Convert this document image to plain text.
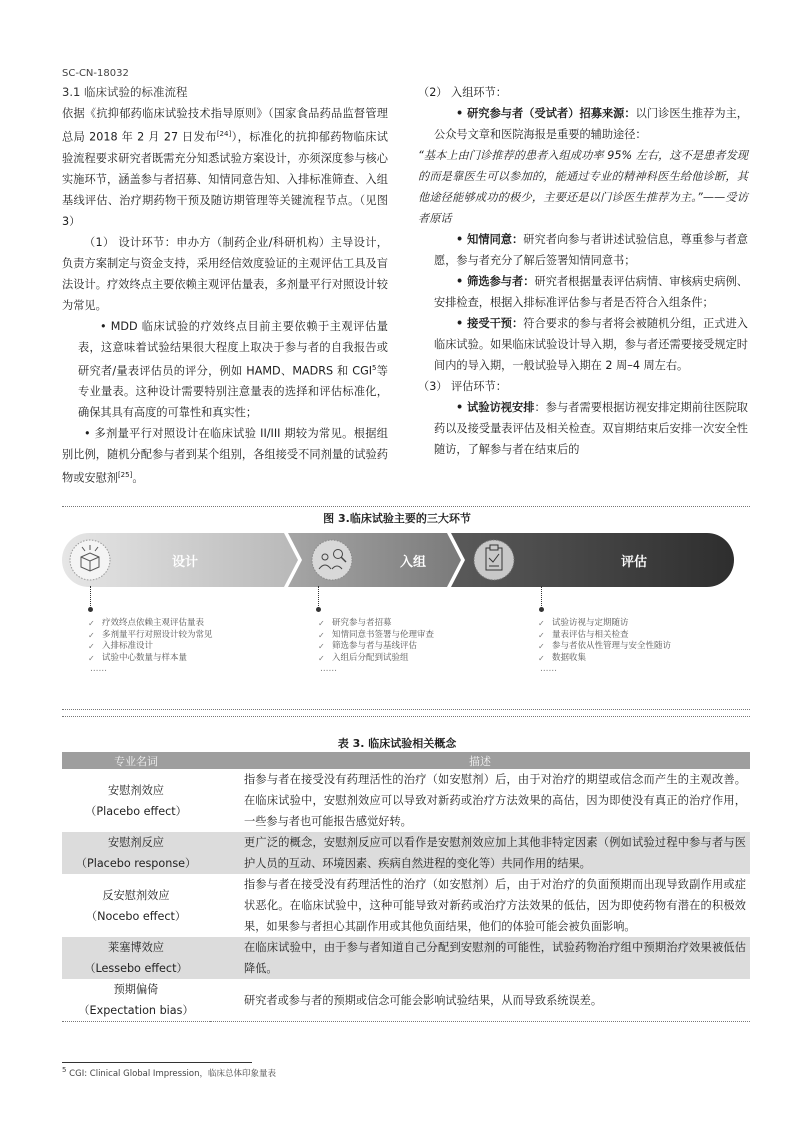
SC-CN-18032
3.1 临床试验的标准流程

依据《抗抑郁药临床试验技术指导原则》（国家食品药品监督管理总局 2018 年 2 月 27 日发布[24]），标准化的抗抑郁药物临床试验流程要求研究者既需充分知悉试验方案设计，亦须深度参与核心实施环节，涵盖参与者招募、知情同意告知、入排标准筛查、入组基线评估、治疗期药物干预及随访期管理等关键流程节点。（见图 3）

（1） 设计环节：申办方（制药企业/科研机构）主导设计，负责方案制定与资金支持，采用经信效度验证的主观评估工具及盲法设计。疗效终点主要依赖主观评估量表，多剂量平行对照设计较为常见。

• MDD 临床试验的疗效终点目前主要依赖于主观评估量表，这意味着试验结果很大程度上取决于参与者的自我报告或研究者/量表评估员的评分，例如 HAMD、MADRS 和 CGI$^5$等专业量表。这种设计需要特别注意量表的选择和评估标准化，确保其具有高度的可靠性和真实性；

• 多剂量平行对照设计在临床试验 II/III 期较为常见。根据组别比例，随机分配参与者到某个组别，各组接受不同剂量的试验药物或安慰剂[25]。

（2） 入组环节：

• 研究参与者（受试者）招募来源：以门诊医生推荐为主，公众号文章和医院海报是重要的辅助途径：

“基本上由门诊推荐的患者入组成功率 95% 左右，这不是患者发现的而是靠医生可以参加的，能通过专业的精神科医生给他诊断，其他途径能够成功的极少，主要还是以门诊医生推荐为主。”——受访者原话

• 知情同意：研究者向参与者讲述试验信息，尊重参与者意愿，参与者充分了解后签署知情同意书；

• 筛选参与者：研究者根据量表评估病情、审核病史病例、安排检查，根据入排标准评估参与者是否符合入组条件；

• 接受干预：符合要求的参与者将会被随机分组，正式进入临床试验。如果临床试验设计导入期，参与者还需要接受规定时间内的导入期，一般试验导入期在 2 周–4 周左右。

（3） 评估环节：

• 试验访视安排：参与者需要根据访视安排定期前往医院取药以及接受量表评估及相关检查。双盲期结束后安排一次安全性随访，了解参与者在结束后的

图 3.临床试验主要的三大环节
设计	入组	评估
✓ 疗效终点依赖主观评估量表
✓ 多剂量平行对照设计较为常见
✓ 入排标准设计
✓ 试验中心数量与样本量
……
✓ 研究参与者招募
✓ 知情同意书签署与伦理审查
✓ 筛选参与者与基线评估
✓ 入组后分配到试验组
……
✓ 试验访视与定期随访
✓ 量表评估与相关检查
✓ 参与者依从性管理与安全性随访
✓ 数据收集
……
表 3. 临床试验相关概念
专业名词	描述

安慰剂效应
（Placebo effect）	指参与者在接受没有药理活性的治疗（如安慰剂）后，由于对治疗的期望或信念而产生的主观改善。在临床试验中，安慰剂效应可以导致对新药或治疗方法效果的高估，因为即使没有真正的治疗作用，一些参与者也可能报告感觉好转。

安慰剂反应
（Placebo response）	更广泛的概念，安慰剂反应可以看作是安慰剂效应加上其他非特定因素（例如试验过程中参与者与医护人员的互动、环境因素、疾病自然进程的变化等）共同作用的结果。

反安慰剂效应
（Nocebo effect）	指参与者在接受没有药理活性的治疗（如安慰剂）后，由于对治疗的负面预期而出现导致副作用或症状恶化。在临床试验中，这种可能导致对新药或治疗方法效果的低估，因为即使药物有潜在的积极效果，如果参与者担心其副作用或其他负面结果，他们的体验可能会被负面影响。

莱塞博效应
（Lessebo effect）	在临床试验中，由于参与者知道自己分配到安慰剂的可能性，试验药物治疗组中预期治疗效果被低估降低。

预期偏倚
（Expectation bias）	研究者或参与者的预期或信念可能会影响试验结果，从而导致系统误差。
$^5$ CGI: Clinical Global Impression，临床总体印象量表
